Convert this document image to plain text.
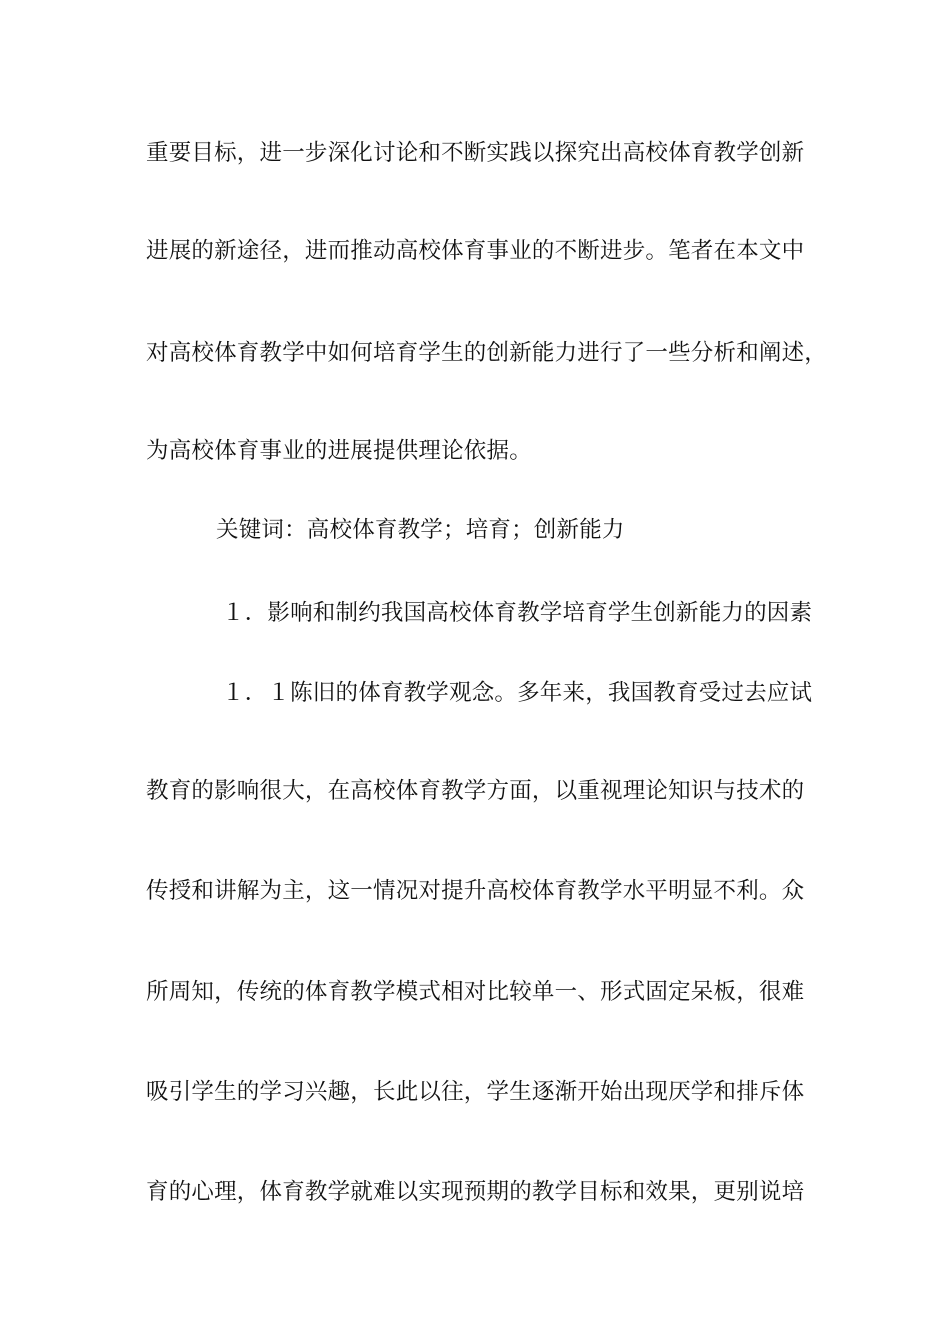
重要目标，进一步深化讨论和不断实践以探究出高校体育教学创新
进展的新途径，进而推动高校体育事业的不断进步。笔者在本文中
对高校体育教学中如何培育学生的创新能力进行了一些分析和阐述，
为高校体育事业的进展提供理论依据。
关键词：高校体育教学；培育；创新能力
１．影响和制约我国高校体育教学培育学生创新能力的因素
１．１陈旧的体育教学观念。多年来，我国教育受过去应试
教育的影响很大，在高校体育教学方面，以重视理论知识与技术的
传授和讲解为主，这一情况对提升高校体育教学水平明显不利。众
所周知，传统的体育教学模式相对比较单一、形式固定呆板，很难
吸引学生的学习兴趣，长此以往，学生逐渐开始出现厌学和排斥体
育的心理，体育教学就难以实现预期的教学目标和效果，更别说培
